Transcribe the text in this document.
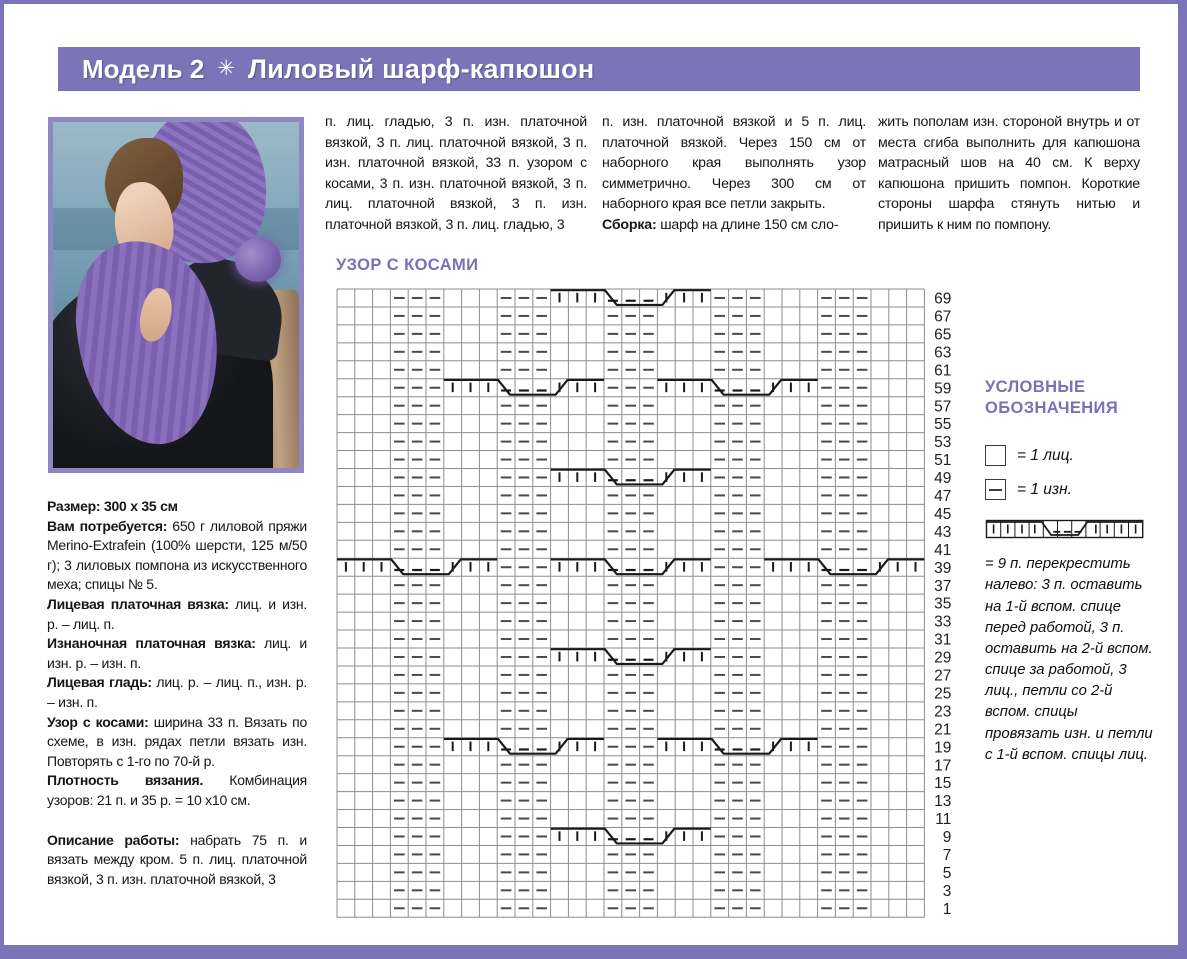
Модель 2 ✳ Лиловый шарф-капюшон

Размер: 300 x 35 см

Вам потребуется: 650 г лиловой пряжи Merino-Extrafein (100% шерсти, 125 м/50 г); 3 лиловых помпона из искусственного меха; спицы № 5.

Лицевая платочная вязка: лиц. и изн. р. – лиц. п.

Изнаночная платочная вязка: лиц. и изн. р. – изн. п.

Лицевая гладь: лиц. р. – лиц. п., изн. р. – изн. п.

Узор с косами: ширина 33 п. Вязать по схеме, в изн. рядах петли вязать изн. Повторять с 1-го по 70-й р.

Плотность вязания. Комбинация узоров: 21 п. и 35 р. = 10 x10 см.

Описание работы: набрать 75 п. и вязать между кром. 5 п. лиц. платочной вязкой, 3 п. изн. платочной вязкой, 3

п. лиц. гладью, 3 п. изн. платочной вязкой, 3 п. лиц. платочной вязкой, 3 п. изн. платочной вязкой, 33 п. узором с косами, 3 п. изн. платочной вязкой, 3 п. лиц. платочной вязкой, 3 п. изн. платочной вязкой, 3 п. лиц. гладью, 3

п. изн. платочной вязкой и 5 п. лиц. платочной вязкой. Через 150 см от наборного края выполнять узор симметрично. Через 300 см от наборного края все петли закрыть.

Сборка: шарф на длине 150 см сло-

жить пополам изн. стороной внутрь и от места сгиба выполнить для капюшона матрасный шов на 40 см. К верху капюшона пришить помпон. Короткие стороны шарфа стянуть нитью и пришить к ним по помпону.

УЗОР С КОСАМИ
69
67
65
63
61
59
57
55
53
51
49
47
45
43
41
39
37
35
33
31
29
27
25
23
21
19
17
15
13
11
9
7
5
3
1

УСЛОВНЫЕ
ОБОЗНАЧЕНИЯ

= 1 лиц.
= 1 изн.
= 9 п. перекрестить налево: 3 п. оставить на 1-й вспом. спице перед работой, 3 п. оставить на 2-й вспом. спице за работой, 3 лиц., петли со 2-й вспом. спицы провязать изн. и петли с 1-й вспом. спицы лиц.
